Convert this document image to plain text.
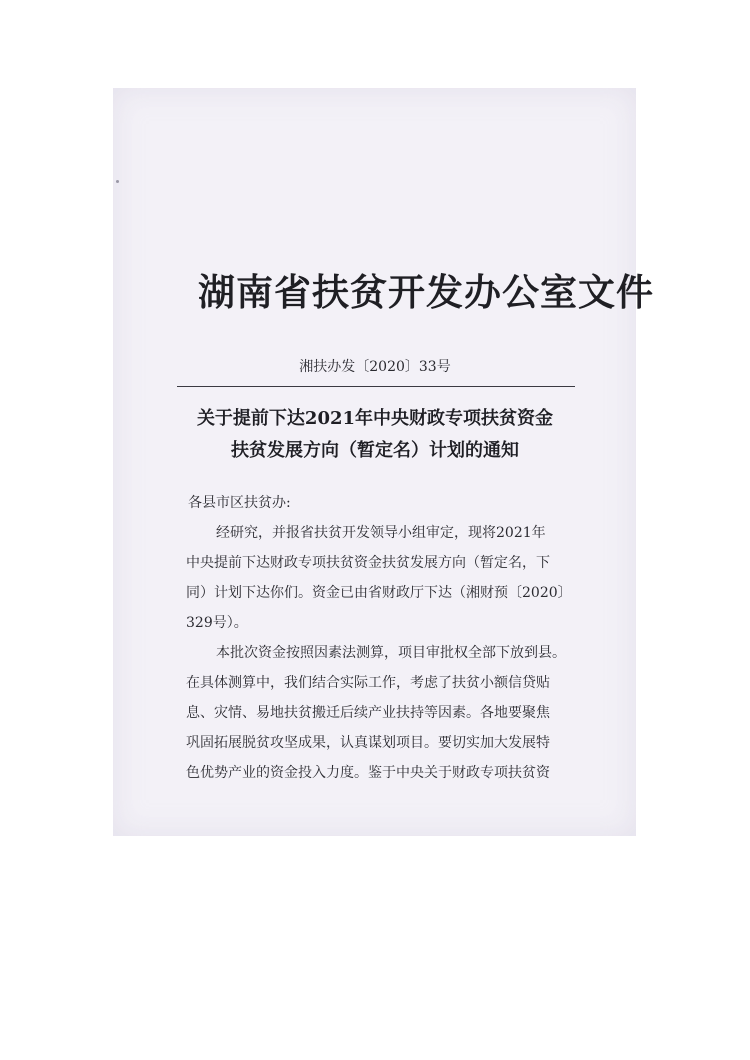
湖南省扶贫开发办公室文件
湘扶办发〔2020〕33号
关于提前下达2021年中央财政专项扶贫资金
扶贫发展方向（暂定名）计划的通知
各县市区扶贫办:
经研究，并报省扶贫开发领导小组审定，现将2021年
中央提前下达财政专项扶贫资金扶贫发展方向（暂定名，下
同）计划下达你们。资金已由省财政厅下达（湘财预〔2020〕
329号）。
本批次资金按照因素法测算，项目审批权全部下放到县。
在具体测算中，我们结合实际工作，考虑了扶贫小额信贷贴
息、灾情、易地扶贫搬迁后续产业扶持等因素。各地要聚焦
巩固拓展脱贫攻坚成果，认真谋划项目。要切实加大发展特
色优势产业的资金投入力度。鉴于中央关于财政专项扶贫资
